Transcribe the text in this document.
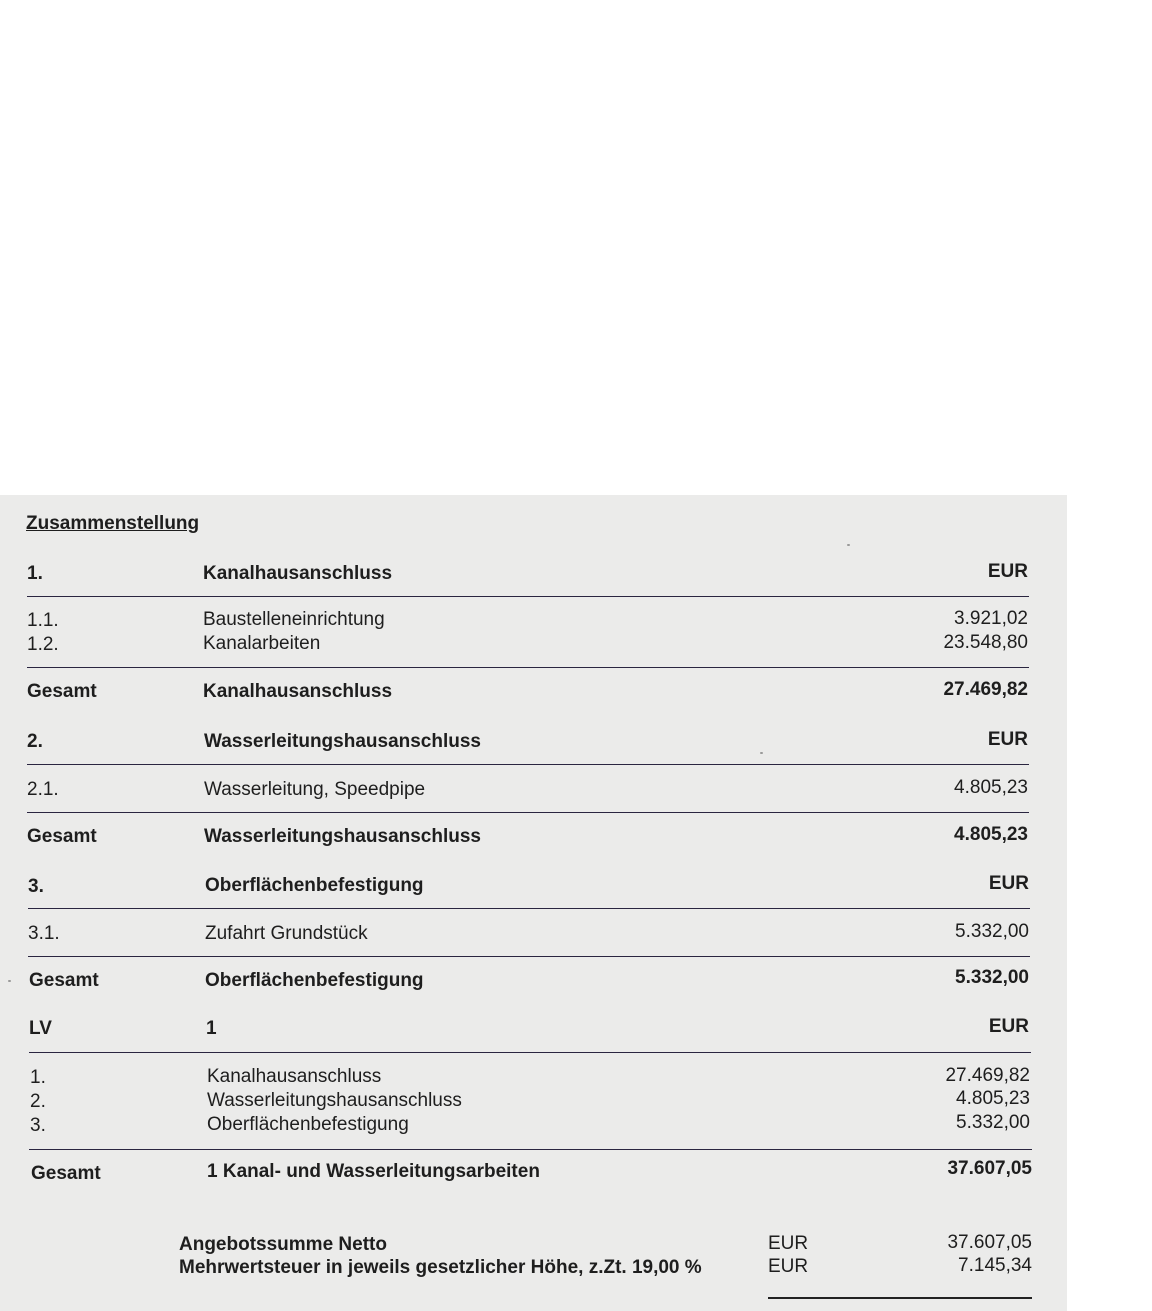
Zusammenstellung
1.	Kanalhausanschluss	EUR
1.1.	Baustelleneinrichtung	3.921,02
1.2.	Kanalarbeiten	23.548,80
Gesamt	Kanalhausanschluss	27.469,82
2.	Wasserleitungshausanschluss	EUR
2.1.	Wasserleitung, Speedpipe	4.805,23
Gesamt	Wasserleitungshausanschluss	4.805,23
3.	Oberflächenbefestigung	EUR
3.1.	Zufahrt Grundstück	5.332,00
Gesamt	Oberflächenbefestigung	5.332,00
LV	1	EUR
1.	Kanalhausanschluss	27.469,82
2.	Wasserleitungshausanschluss	4.805,23
3.	Oberflächenbefestigung	5.332,00
Gesamt	1 Kanal- und Wasserleitungsarbeiten	37.607,05
Angebotssumme Netto	EUR	37.607,05
Mehrwertsteuer in jeweils gesetzlicher Höhe, z.Zt. 19,00 %	EUR	7.145,34
